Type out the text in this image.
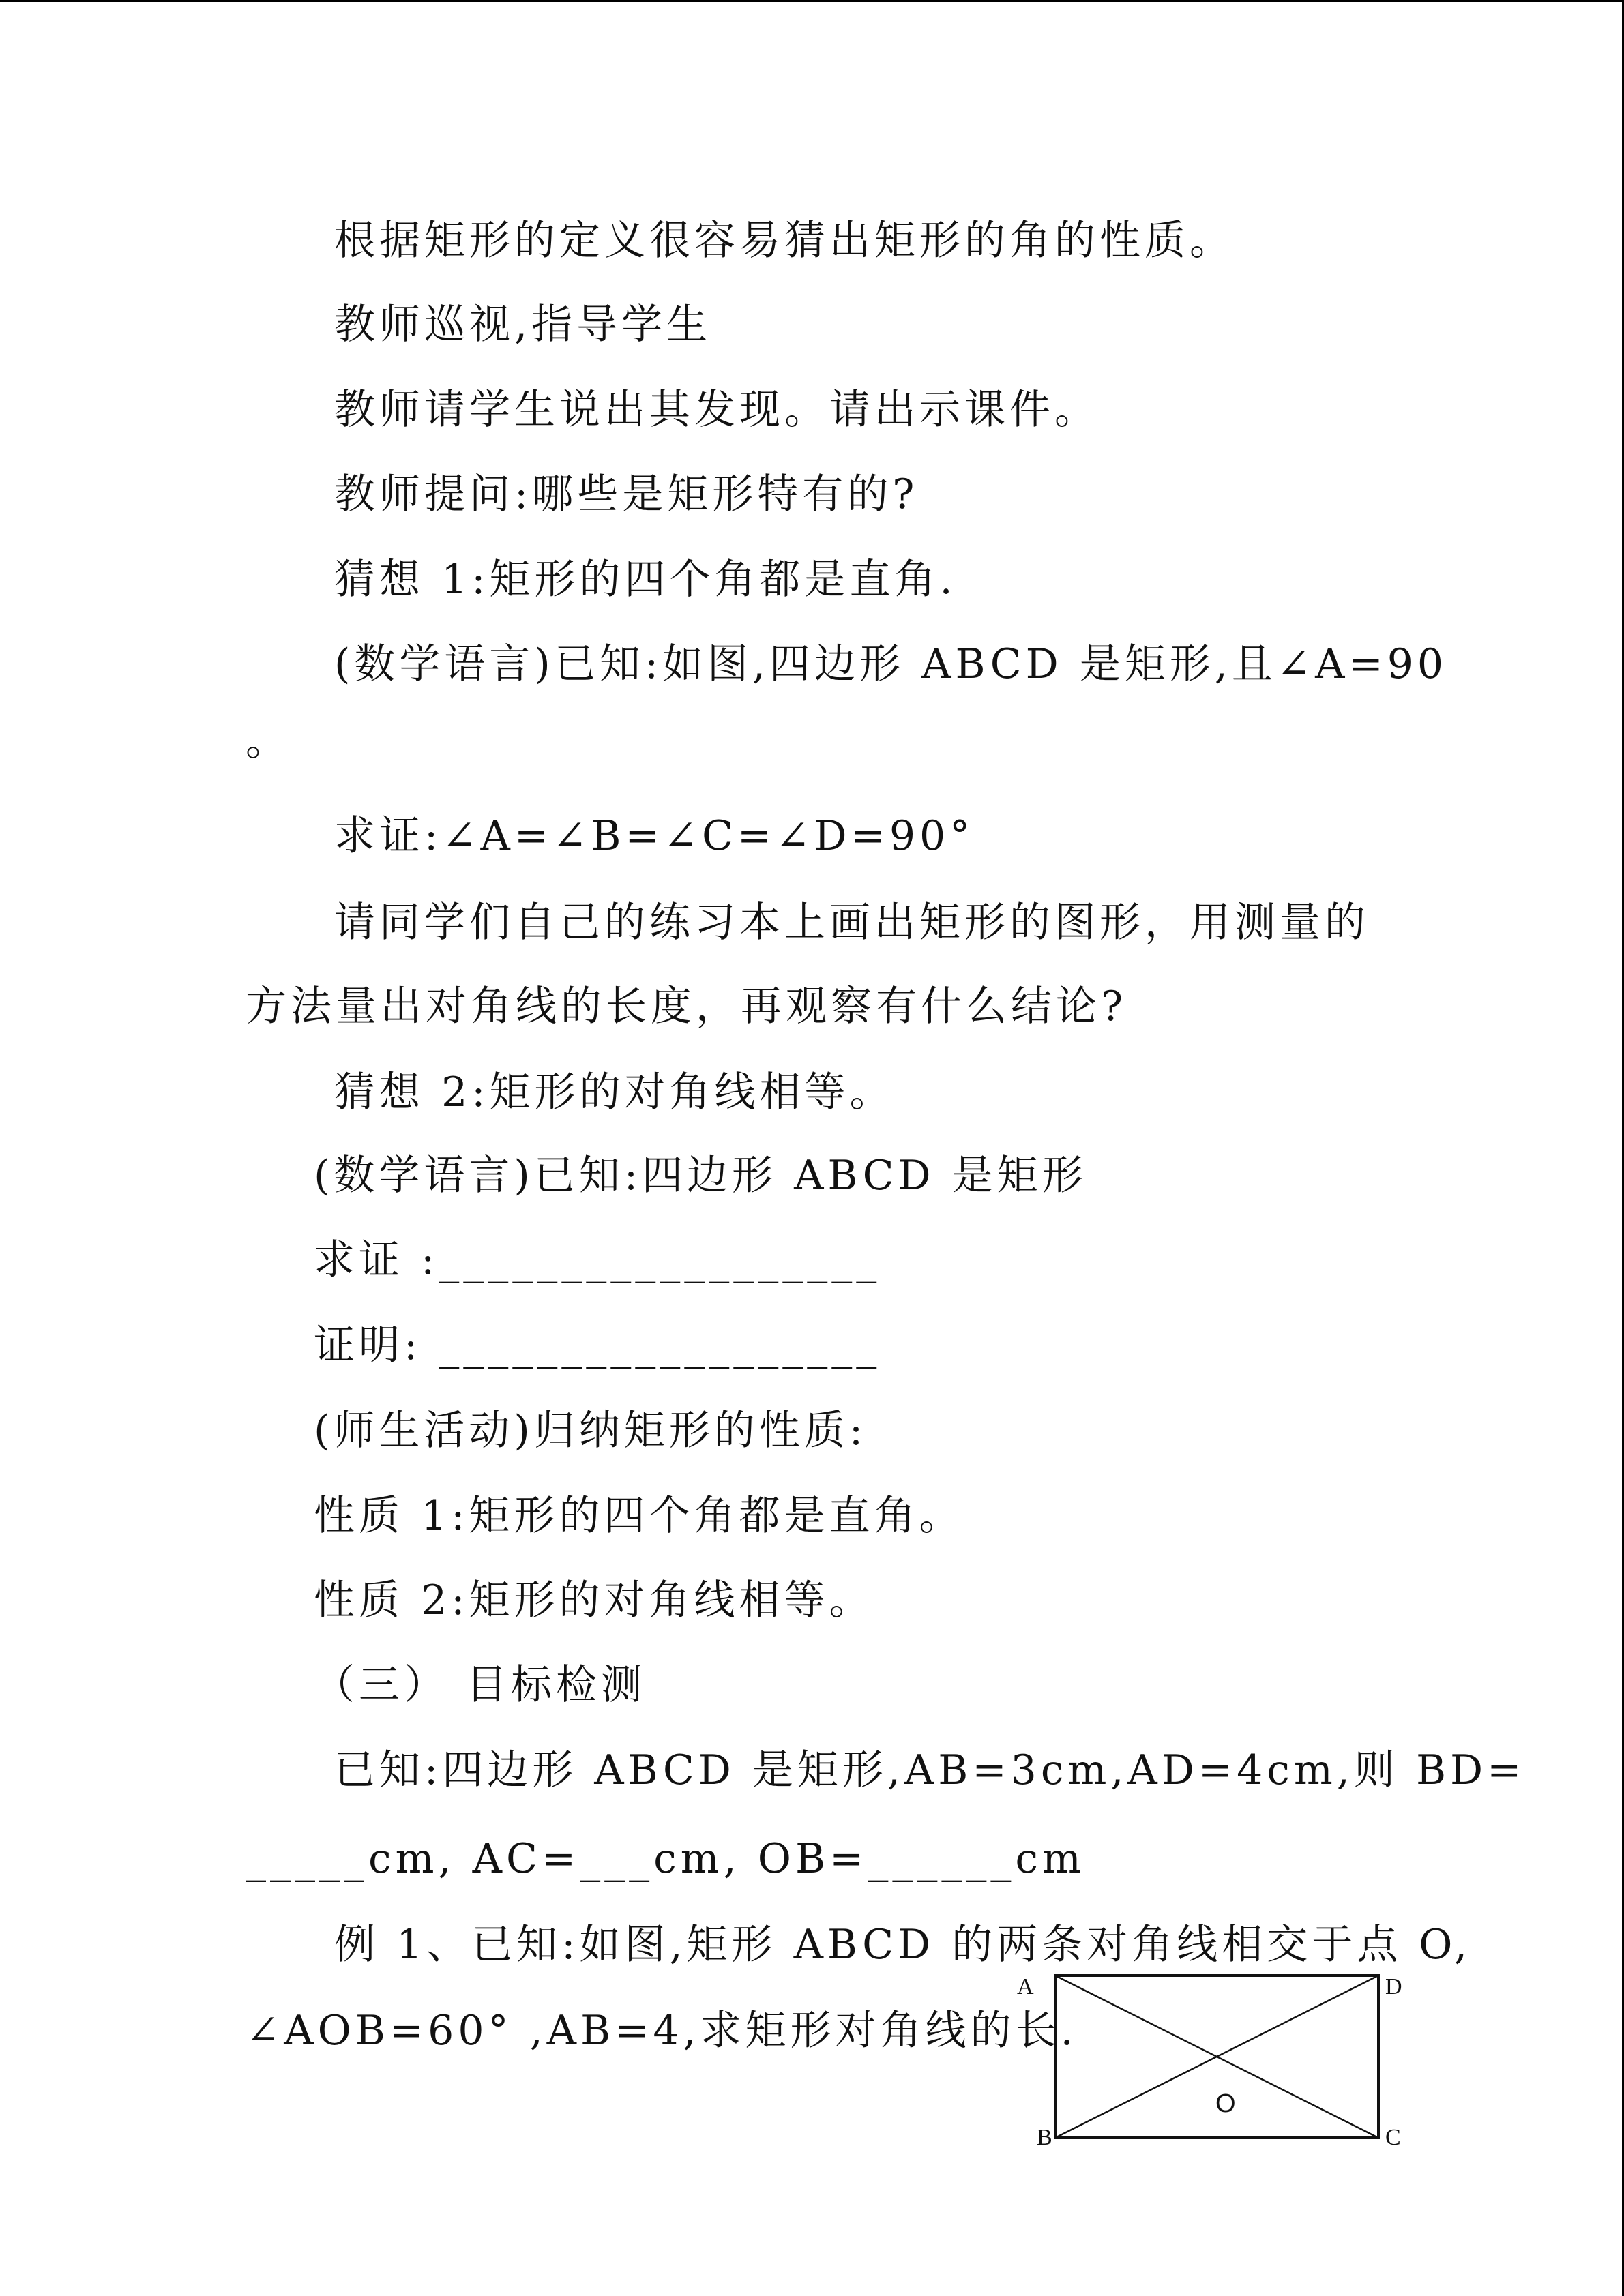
根据矩形的定义很容易猜出矩形的角的性质。
教师巡视,指导学生
教师请学生说出其发现。请出示课件。
教师提问:哪些是矩形特有的?
猜想 1:矩形的四个角都是直角.
(数学语言)已知:如图,四边形 ABCD 是矩形,且∠A=90
。
求证:∠A=∠B=∠C=∠D=90°
请同学们自己的练习本上画出矩形的图形，用测量的
方法量出对角线的长度，再观察有什么结论?
猜想 2:矩形的对角线相等。
(数学语言)已知:四边形 ABCD 是矩形
求证 :__________________
证明: __________________
(师生活动)归纳矩形的性质:
性质 1:矩形的四个角都是直角。
性质 2:矩形的对角线相等。
（三） 目标检测
已知:四边形 ABCD 是矩形,AB=3cm,AD=4cm,则 BD=
_____cm, AC=___cm, OB=______cm
例 1、已知:如图,矩形 ABCD 的两条对角线相交于点 O,
∠AOB=60° ,AB=4,求矩形对角线的长.
A
B	C
D
O
